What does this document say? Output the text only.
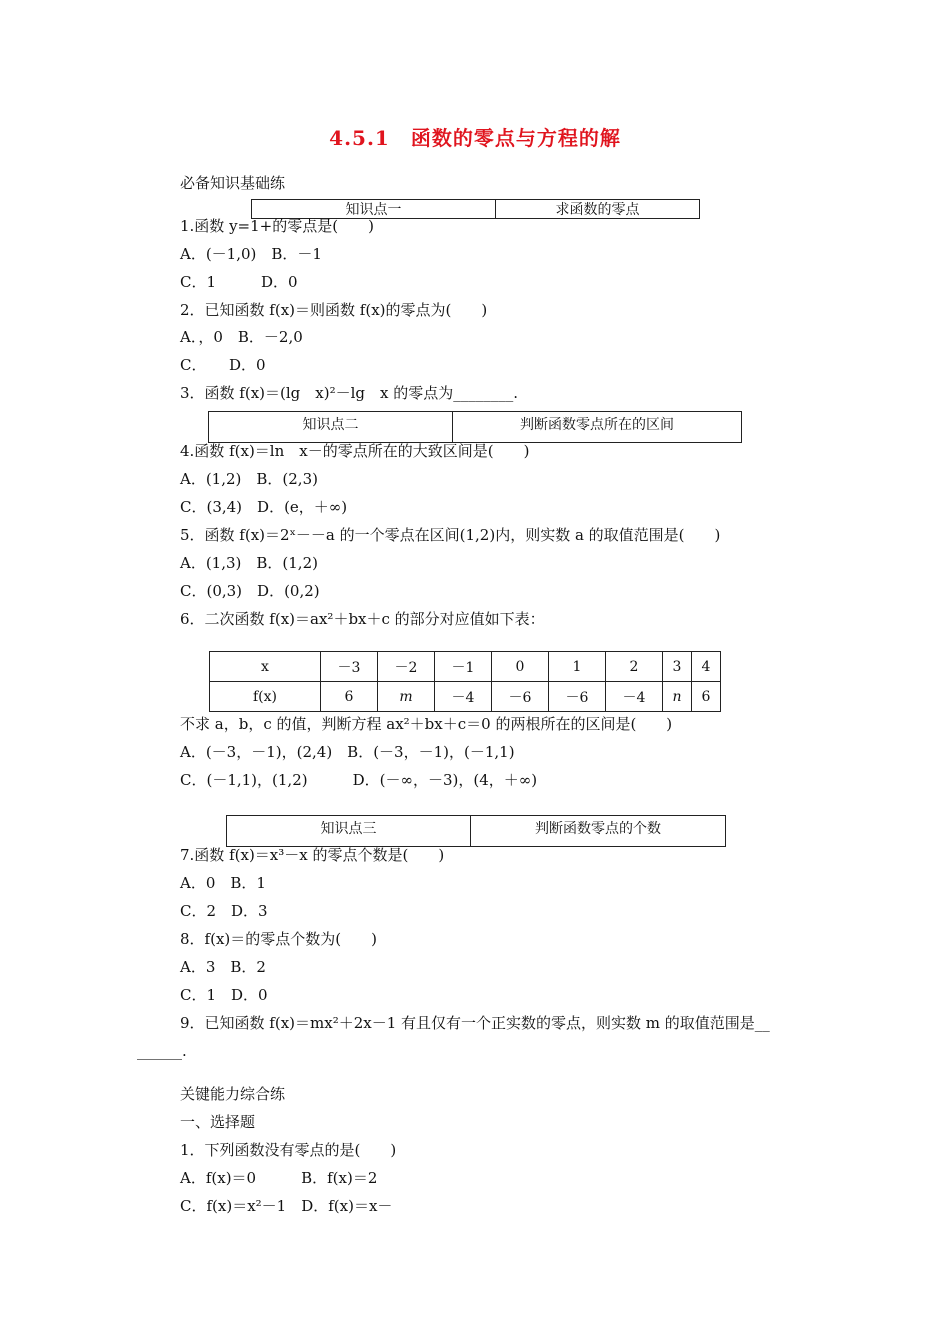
4.5.1　函数的零点与方程的解
必备知识基础练
知识点一	求函数的零点
1.函数 y=1+的零点是(　　)
A．(－1,0)　B．－1
C．1　　　D．0
2．已知函数 f(x)＝则函数 f(x)的零点为(　　)
A．，0　B．－2,0
C．　　D．0
3．函数 f(x)＝(lg　x)²－lg　x 的零点为________.
知识点二	判断函数零点所在的区间
4.函数 f(x)＝ln　x－的零点所在的大致区间是(　　)
A．(1,2)　B．(2,3)
C．(3,4)　D．(e，＋∞)
5．函数 f(x)＝2ˣ－－a 的一个零点在区间(1,2)内，则实数 a 的取值范围是(　　)
A．(1,3)　B．(1,2)
C．(0,3)　D．(0,2)
6．二次函数 f(x)＝ax²＋bx＋c 的部分对应值如下表：
x	－3	－2	－1	0	1	2	3	4
f(x)	6	m	－4	－6	－6	－4	n	6
不求 a，b，c 的值，判断方程 ax²＋bx＋c＝0 的两根所在的区间是(　　)
A．(－3，－1)，(2,4)　B．(－3，－1)，(－1,1)
C．(－1,1)，(1,2)　　　D．(－∞，－3)，(4，＋∞)
知识点三	判断函数零点的个数
7.函数 f(x)＝x³－x 的零点个数是(　　)
A．0　B．1
C．2　D．3
8．f(x)＝的零点个数为(　　)
A．3　B．2
C．1　D．0
9．已知函数 f(x)＝mx²＋2x－1 有且仅有一个正实数的零点，则实数 m 的取值范围是__
______.
关键能力综合练
一、选择题
1．下列函数没有零点的是(　　)
A．f(x)＝0　　　B．f(x)＝2
C．f(x)＝x²－1　D．f(x)＝x－
